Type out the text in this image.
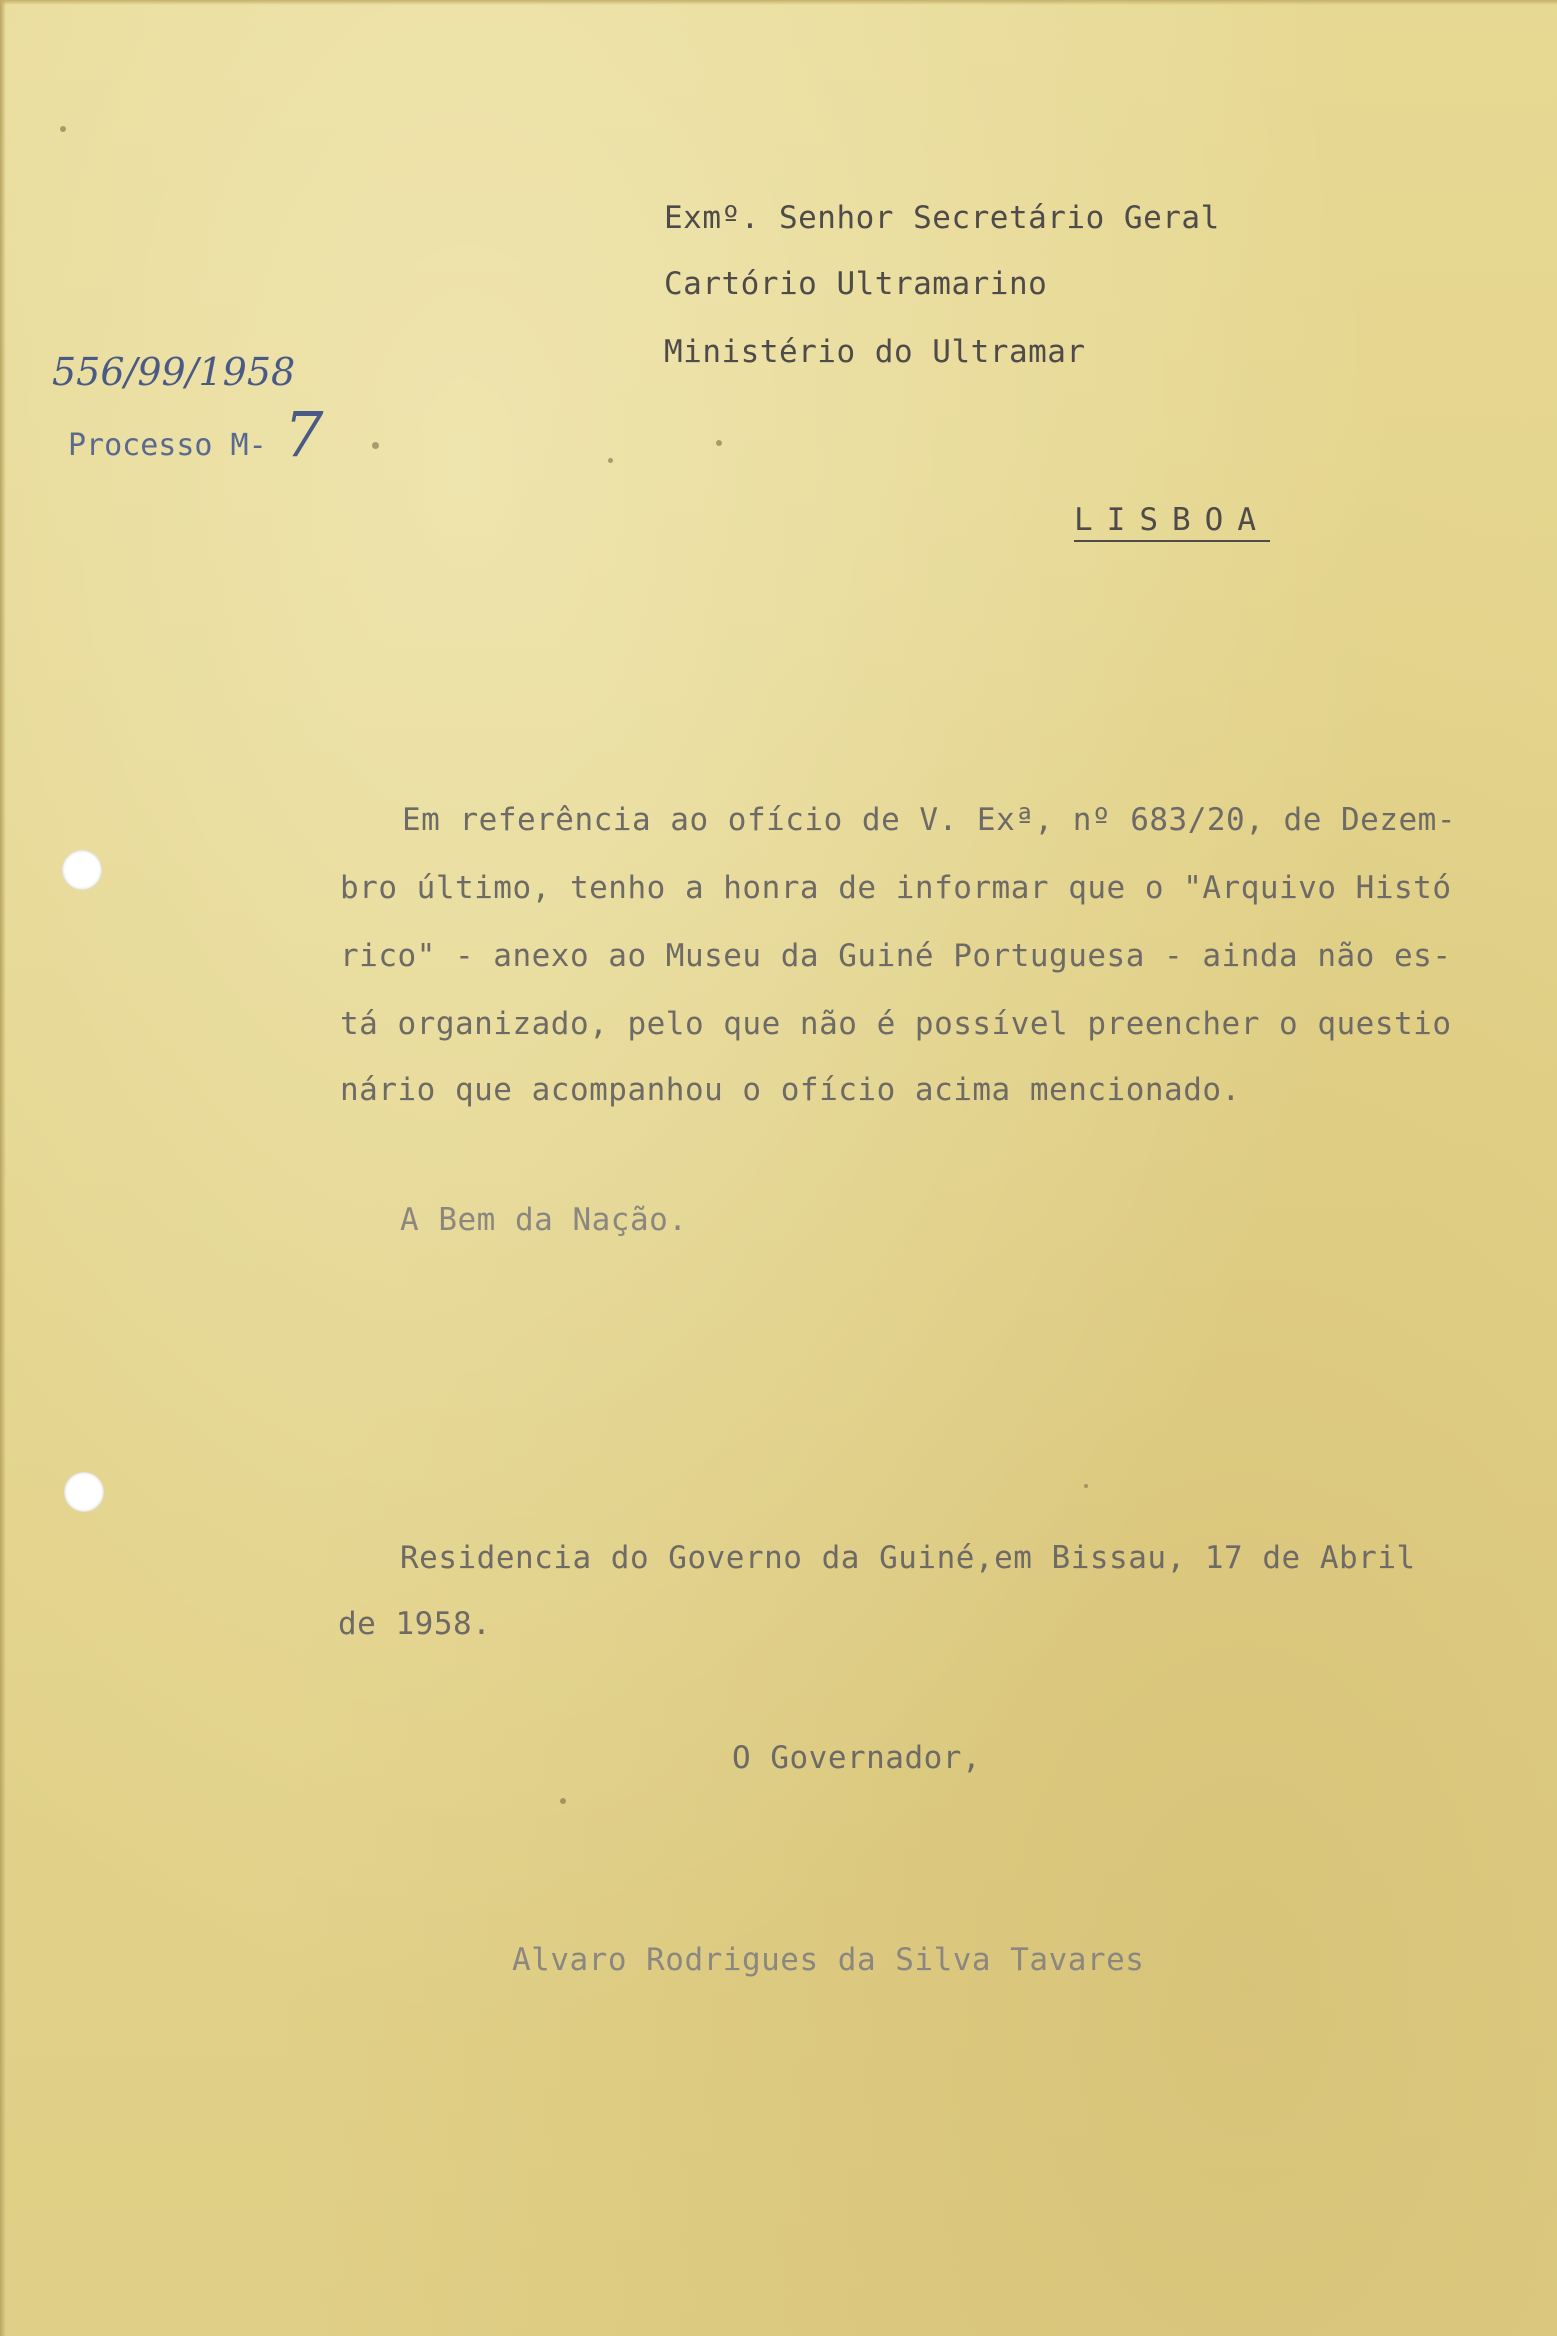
556/99/1958
Processo M- 7
Exmº. Senhor Secretário Geral
Cartório Ultramarino
Ministério do Ultramar
LISBOA
Em referência ao ofício de V. Exª, nº 683/20, de Dezem-
bro último, tenho a honra de informar que o "Arquivo Histó
rico" - anexo ao Museu da Guiné Portuguesa - ainda não es-
tá organizado, pelo que não é possível preencher o questio
nário que acompanhou o ofício acima mencionado.
A Bem da Nação.
Residencia do Governo da Guiné,em Bissau, 17 de Abril
de 1958.
O Governador,
Alvaro Rodrigues da Silva Tavares
